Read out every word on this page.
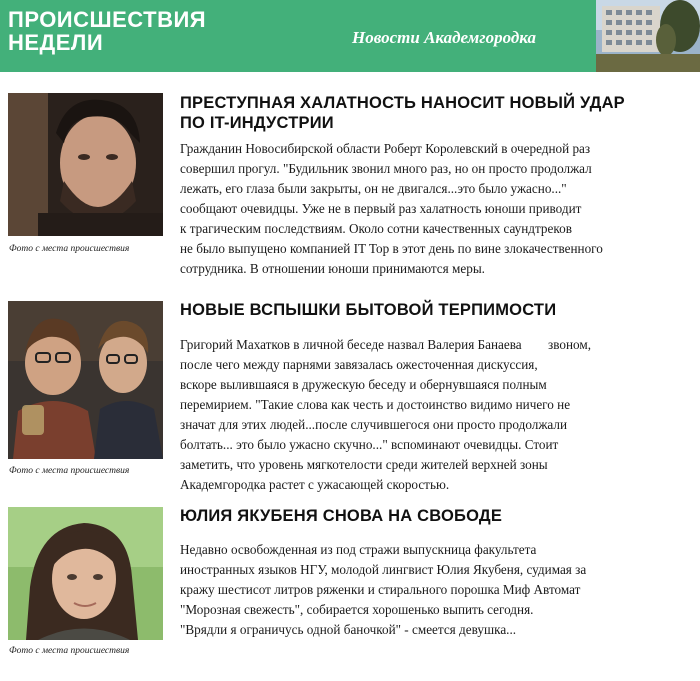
ПРОИСШЕСТВИЯ
НЕДЕЛИ	Новости Академгородка
Фото с места происшествия
ПРЕСТУПНАЯ ХАЛАТНОСТЬ НАНОСИТ НОВЫЙ УДАР
ПО IT-ИНДУСТРИИ
Гражданин Новосибирской области Роберт Королевский в очередной раз
совершил прогул. "Будильник звонил много раз, но он просто продолжал
лежать, его глаза были закрыты, он не двигался...это было ужасно..."
сообщают очевидцы. Уже не в первый раз халатность юноши приводит
к трагическим последствиям. Около сотни качественных саундтреков
не было выпущено компанией IT Top в этот день по вине злокачественного
сотрудника. В отношении юноши принимаются меры.
Фото с места происшествия
НОВЫЕ ВСПЫШКИ БЫТОВОЙ ТЕРПИМОСТИ
Григорий Махатков в личной беседе назвал Валерия Банаева        звоном,
после чего между парнями завязалась ожесточенная дискуссия,
вскоре вылившаяся в дружескую беседу и обернувшаяся полным
перемирием. "Такие слова как честь и достоинство видимо ничего не
значат для этих людей...после случившегося они просто продолжали
болтать... это было ужасно скучно..." вспоминают очевидцы. Стоит
заметить, что уровень мягкотелости среди жителей верхней зоны
Академгородка растет с ужасающей скоростью.
Фото с места происшествия
ЮЛИЯ ЯКУБЕНЯ СНОВА НА СВОБОДЕ
Недавно освобожденная из под стражи выпускница факультета
иностранных языков НГУ, молодой лингвист Юлия Якубеня, судимая за
кражу шестисот литров ряженки и стирального порошка Миф Автомат
"Морозная свежесть", собирается хорошенько выпить сегодня.
"Врядли я ограничусь одной баночкой" - смеется девушка...
